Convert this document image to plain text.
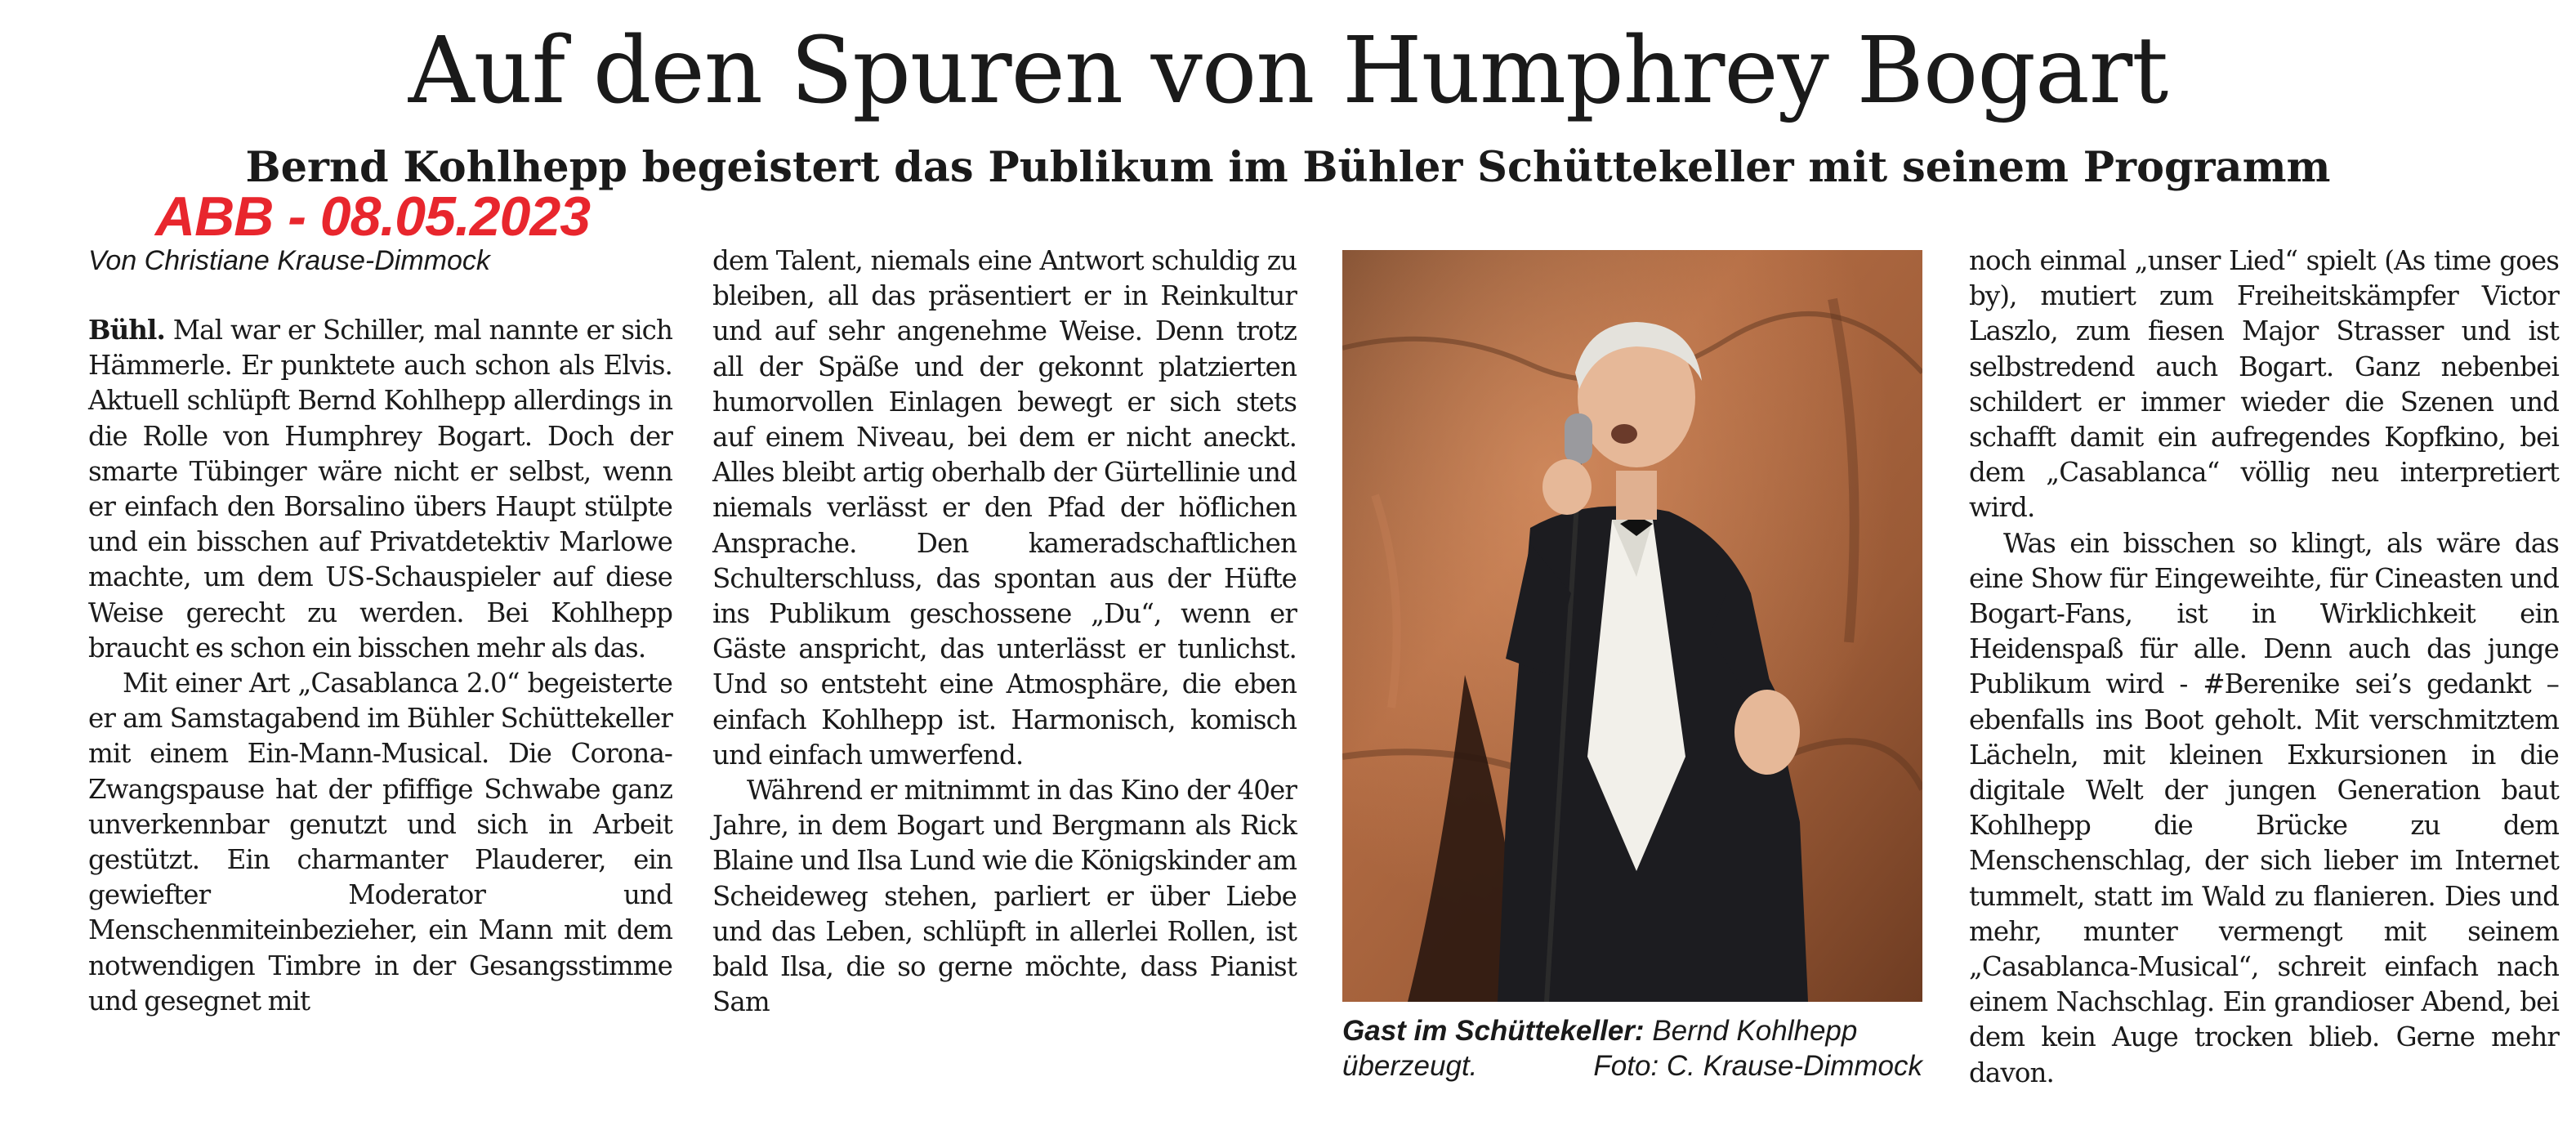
Auf den Spuren von Humphrey Bogart
Bernd Kohlhepp begeistert das Publikum im Bühler Schüttekeller mit seinem Programm
ABB - 08.05.2023
Von Christiane Krause-Dimmock

Bühl. Mal war er Schiller, mal nannte er sich Hämmerle. Er punktete auch schon als Elvis. Aktuell schlüpft Bernd Kohlhepp allerdings in die Rolle von Humphrey Bogart. Doch der smarte Tübinger wäre nicht er selbst, wenn er einfach den Borsalino übers Haupt stülpte und ein bisschen auf Privatdetektiv Marlowe machte, um dem US-Schauspieler auf diese Weise gerecht zu werden. Bei Kohlhepp braucht es schon ein bisschen mehr als das.

Mit einer Art „Casablanca 2.0“ begeisterte er am Samstagabend im Bühler Schüttekeller mit einem Ein-Mann-Musical. Die Corona-Zwangspause hat der pfiffige Schwabe ganz unverkennbar genutzt und sich in Arbeit gestützt. Ein charmanter Plauderer, ein gewiefter Moderator und Menschenmiteinbezieher, ein Mann mit dem notwendigen Timbre in der Gesangsstimme und gesegnet mit

dem Talent, niemals eine Antwort schuldig zu bleiben, all das präsentiert er in Reinkultur und auf sehr angenehme Weise. Denn trotz all der Späße und der gekonnt platzierten humorvollen Einlagen bewegt er sich stets auf einem Niveau, bei dem er nicht aneckt. Alles bleibt artig oberhalb der Gürtellinie und niemals verlässt er den Pfad der höflichen Ansprache. Den kameradschaftlichen Schulterschluss, das spontan aus der Hüfte ins Publikum geschossene „Du“, wenn er Gäste anspricht, das unterlässt er tunlichst. Und so entsteht eine Atmosphäre, die eben einfach Kohlhepp ist. Harmonisch, komisch und einfach umwerfend.

Während er mitnimmt in das Kino der 40er Jahre, in dem Bogart und Bergmann als Rick Blaine und Ilsa Lund wie die Königskinder am Scheideweg stehen, parliert er über Liebe und das Leben, schlüpft in allerlei Rollen, ist bald Ilsa, die so gerne möchte, dass Pianist Sam

Gast im Schüttekeller: Bernd Kohlhepp
überzeugt.	Foto: C. Krause-Dimmock

noch einmal „unser Lied“ spielt (As time goes by), mutiert zum Freiheitskämpfer Victor Laszlo, zum fiesen Major Strasser und ist selbstredend auch Bogart. Ganz nebenbei schildert er immer wieder die Szenen und schafft damit ein aufregendes Kopfkino, bei dem „Casablanca“ völlig neu interpretiert wird.

Was ein bisschen so klingt, als wäre das eine Show für Eingeweihte, für Cineasten und Bogart-Fans, ist in Wirklichkeit ein Heidenspaß für alle. Denn auch das junge Publikum wird - #Berenike sei’s gedankt – ebenfalls ins Boot geholt. Mit verschmitztem Lächeln, mit kleinen Exkursionen in die digitale Welt der jungen Generation baut Kohlhepp die Brücke zu dem Menschenschlag, der sich lieber im Internet tummelt, statt im Wald zu flanieren. Dies und mehr, munter vermengt mit seinem „Casablanca-Musical“, schreit einfach nach einem Nachschlag. Ein grandioser Abend, bei dem kein Auge trocken blieb. Gerne mehr davon.
